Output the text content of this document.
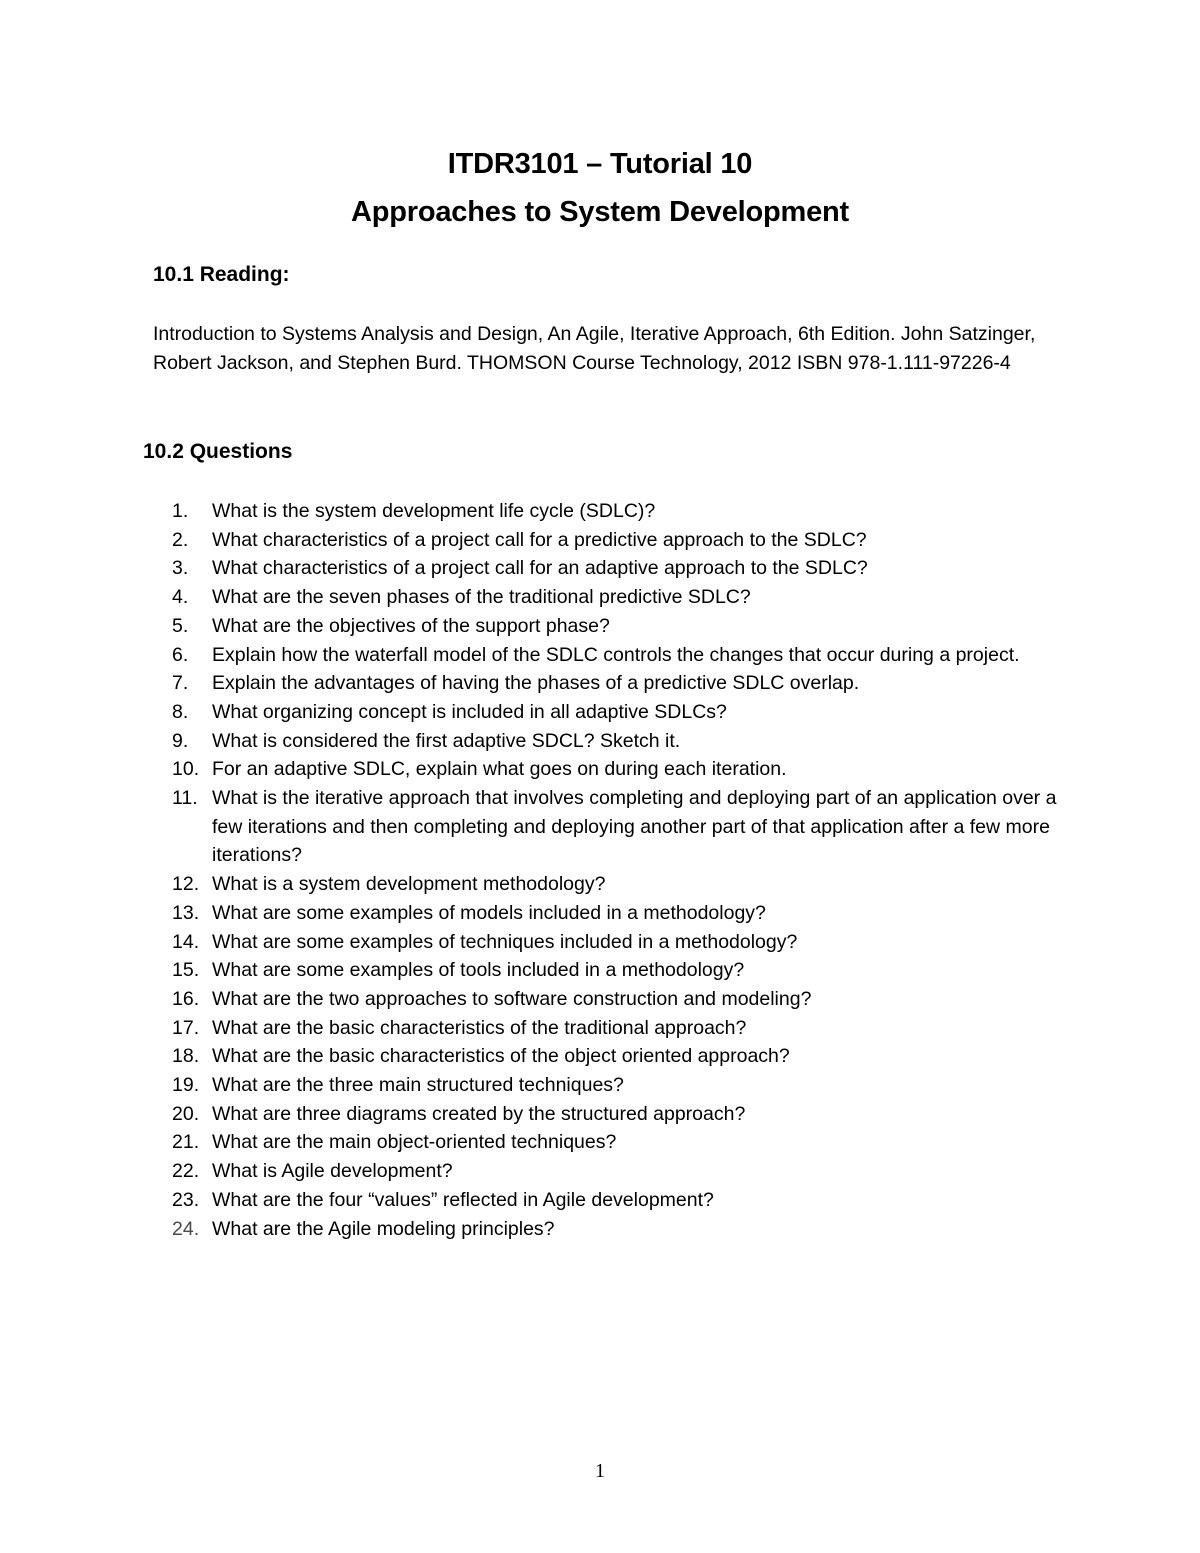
ITDR3101 – Tutorial 10
Approaches to System Development
10.1 Reading:
Introduction to Systems Analysis and Design, An Agile, Iterative Approach, 6th Edition. John Satzinger, Robert Jackson, and Stephen Burd. THOMSON Course Technology, 2012 ISBN 978-1.111-97226-4
10.2 Questions
1. What is the system development life cycle (SDLC)?
2. What characteristics of a project call for a predictive approach to the SDLC?
3. What characteristics of a project call for an adaptive approach to the SDLC?
4. What are the seven phases of the traditional predictive SDLC?
5. What are the objectives of the support phase?
6. Explain how the waterfall model of the SDLC controls the changes that occur during a project.
7. Explain the advantages of having the phases of a predictive SDLC overlap.
8. What organizing concept is included in all adaptive SDLCs?
9. What is considered the first adaptive SDCL? Sketch it.
10. For an adaptive SDLC, explain what goes on during each iteration.
11. What is the iterative approach that involves completing and deploying part of an application over a few iterations and then completing and deploying another part of that application after a few more iterations?
12. What is a system development methodology?
13. What are some examples of models included in a methodology?
14. What are some examples of techniques included in a methodology?
15. What are some examples of tools included in a methodology?
16. What are the two approaches to software construction and modeling?
17. What are the basic characteristics of the traditional approach?
18. What are the basic characteristics of the object oriented approach?
19. What are the three main structured techniques?
20. What are three diagrams created by the structured approach?
21. What are the main object-oriented techniques?
22. What is Agile development?
23. What are the four “values” reflected in Agile development?
24. What are the Agile modeling principles?
1
